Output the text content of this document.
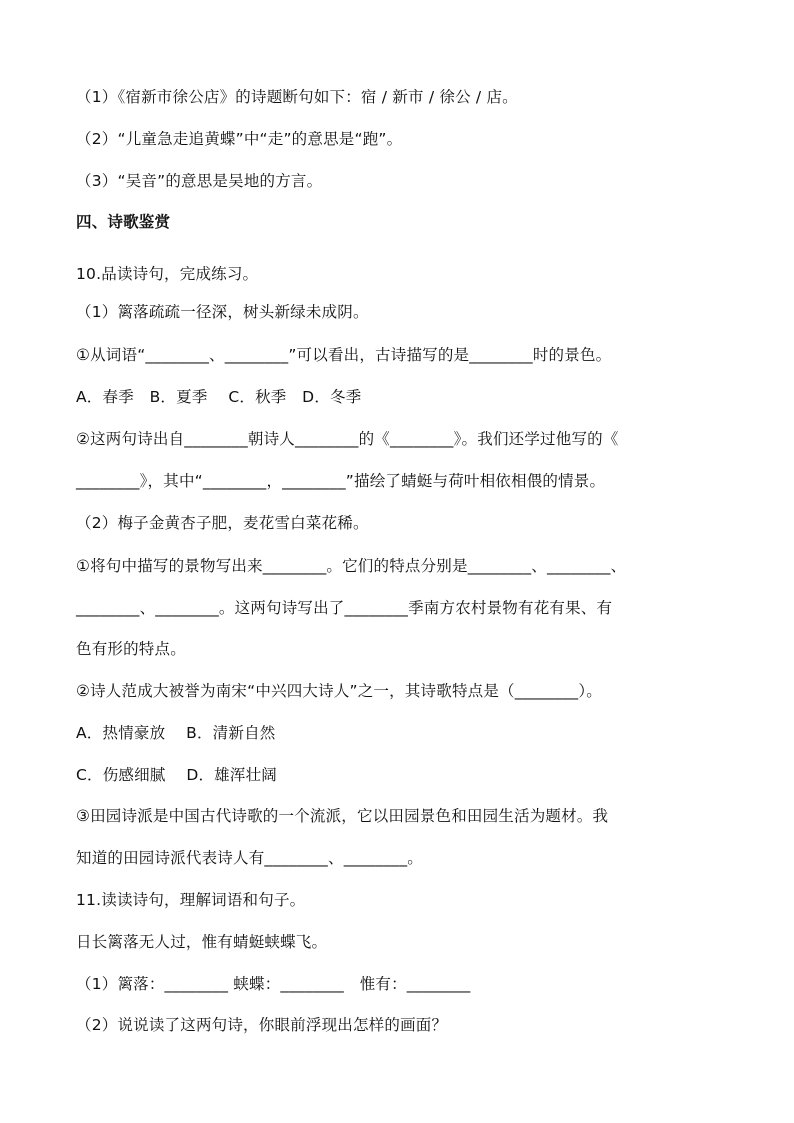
（1）《宿新市徐公店》的诗题断句如下：宿 / 新市 / 徐公 / 店。
（2）“儿童急走追黄蝶”中“走”的意思是“跑”。
（3）“吴音”的意思是吴地的方言。
四、诗歌鉴赏
10.品读诗句，完成练习。
（1）篱落疏疏一径深，树头新绿未成阴。
①从词语“________、________”可以看出，古诗描写的是________时的景色。
A．春季　B．夏季　 C．秋季　D．冬季
②这两句诗出自________朝诗人________的《________》。我们还学过他写的《
________》，其中“________，________”描绘了蜻蜓与荷叶相依相偎的情景。
（2）梅子金黄杏子肥，麦花雪白菜花稀。
①将句中描写的景物写出来________。它们的特点分别是________、________、
________、________。这两句诗写出了________季南方农村景物有花有果、有
色有形的特点。
②诗人范成大被誉为南宋“中兴四大诗人”之一，其诗歌特点是（________）。
A．热情豪放　 B．清新自然
C．伤感细腻　 D．雄浑壮阔
③田园诗派是中国古代诗歌的一个流派，它以田园景色和田园生活为题材。我
知道的田园诗派代表诗人有________、________。
11.读读诗句，理解词语和句子。
日长篱落无人过，惟有蜻蜓蛱蝶飞。
（1）篱落：________ 蛱蝶：________　惟有：________
（2）说说读了这两句诗，你眼前浮现出怎样的画面？
